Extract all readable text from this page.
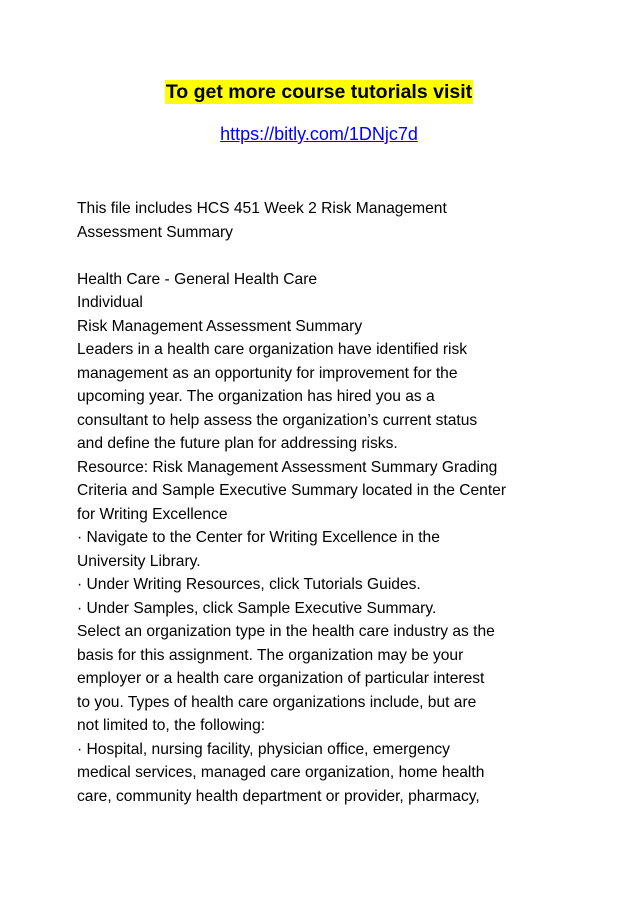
To get more course tutorials visit
https://bitly.com/1DNjc7d
This file includes HCS 451 Week 2 Risk Management
Assessment Summary
Health Care - General Health Care
Individual
Risk Management Assessment Summary
Leaders in a health care organization have identified risk
management as an opportunity for improvement for the
upcoming year. The organization has hired you as a
consultant to help assess the organization’s current status
and define the future plan for addressing risks.
Resource: Risk Management Assessment Summary Grading
Criteria and Sample Executive Summary located in the Center
for Writing Excellence
· Navigate to the Center for Writing Excellence in the
University Library.
· Under Writing Resources, click Tutorials Guides.
· Under Samples, click Sample Executive Summary.
Select an organization type in the health care industry as the
basis for this assignment. The organization may be your
employer or a health care organization of particular interest
to you. Types of health care organizations include, but are
not limited to, the following:
· Hospital, nursing facility, physician office, emergency
medical services, managed care organization, home health
care, community health department or provider, pharmacy,
